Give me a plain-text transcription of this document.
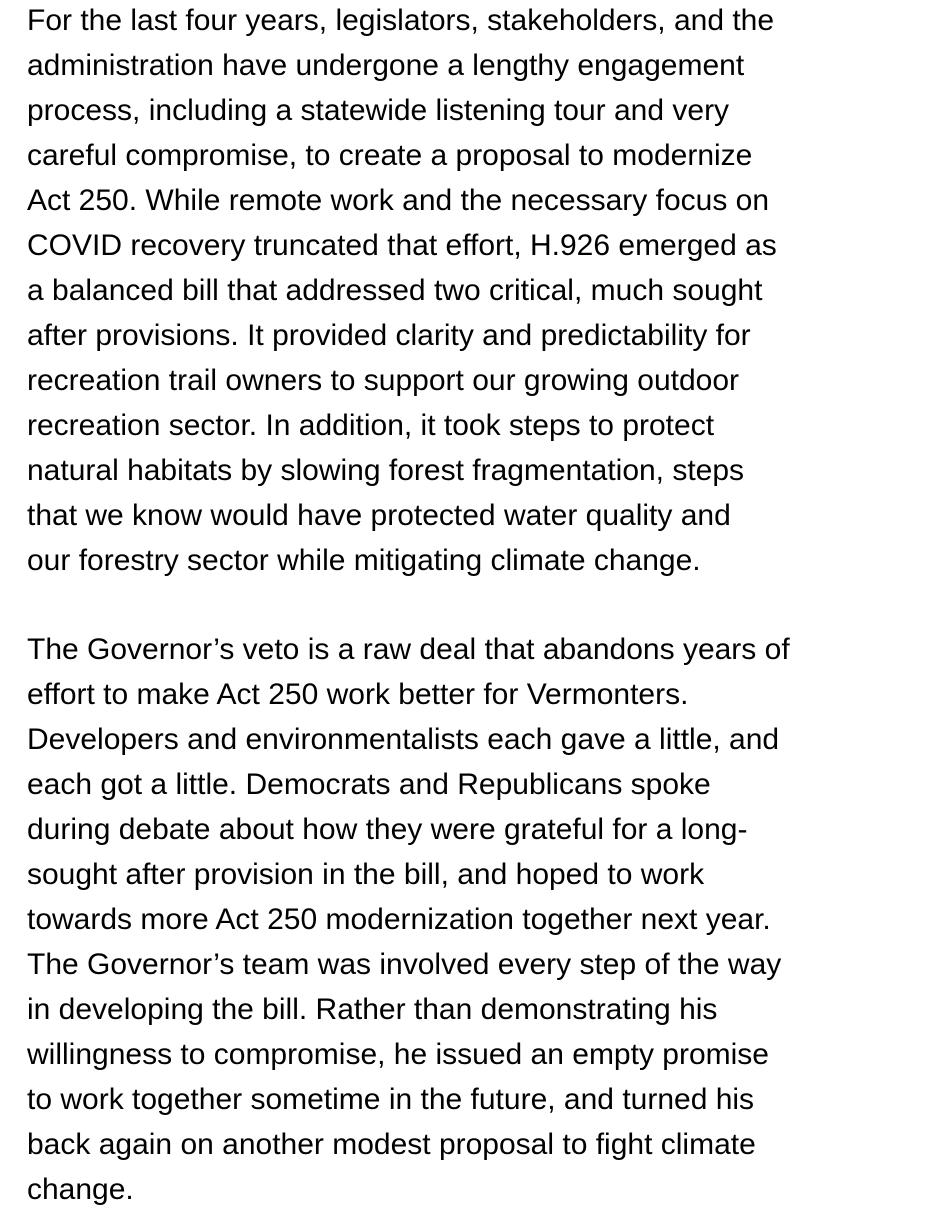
For the last four years, legislators, stakeholders, and the
administration have undergone a lengthy engagement
process, including a statewide listening tour and very
careful compromise, to create a proposal to modernize
Act 250. While remote work and the necessary focus on
COVID recovery truncated that effort, H.926 emerged as
a balanced bill that addressed two critical, much sought
after provisions. It provided clarity and predictability for
recreation trail owners to support our growing outdoor
recreation sector. In addition, it took steps to protect
natural habitats by slowing forest fragmentation, steps
that we know would have protected water quality and
our forestry sector while mitigating climate change.
The Governor’s veto is a raw deal that abandons years of
effort to make Act 250 work better for Vermonters.
Developers and environmentalists each gave a little, and
each got a little. Democrats and Republicans spoke
during debate about how they were grateful for a long-
sought after provision in the bill, and hoped to work
towards more Act 250 modernization together next year.
The Governor’s team was involved every step of the way
in developing the bill. Rather than demonstrating his
willingness to compromise, he issued an empty promise
to work together sometime in the future, and turned his
back again on another modest proposal to fight climate
change.
